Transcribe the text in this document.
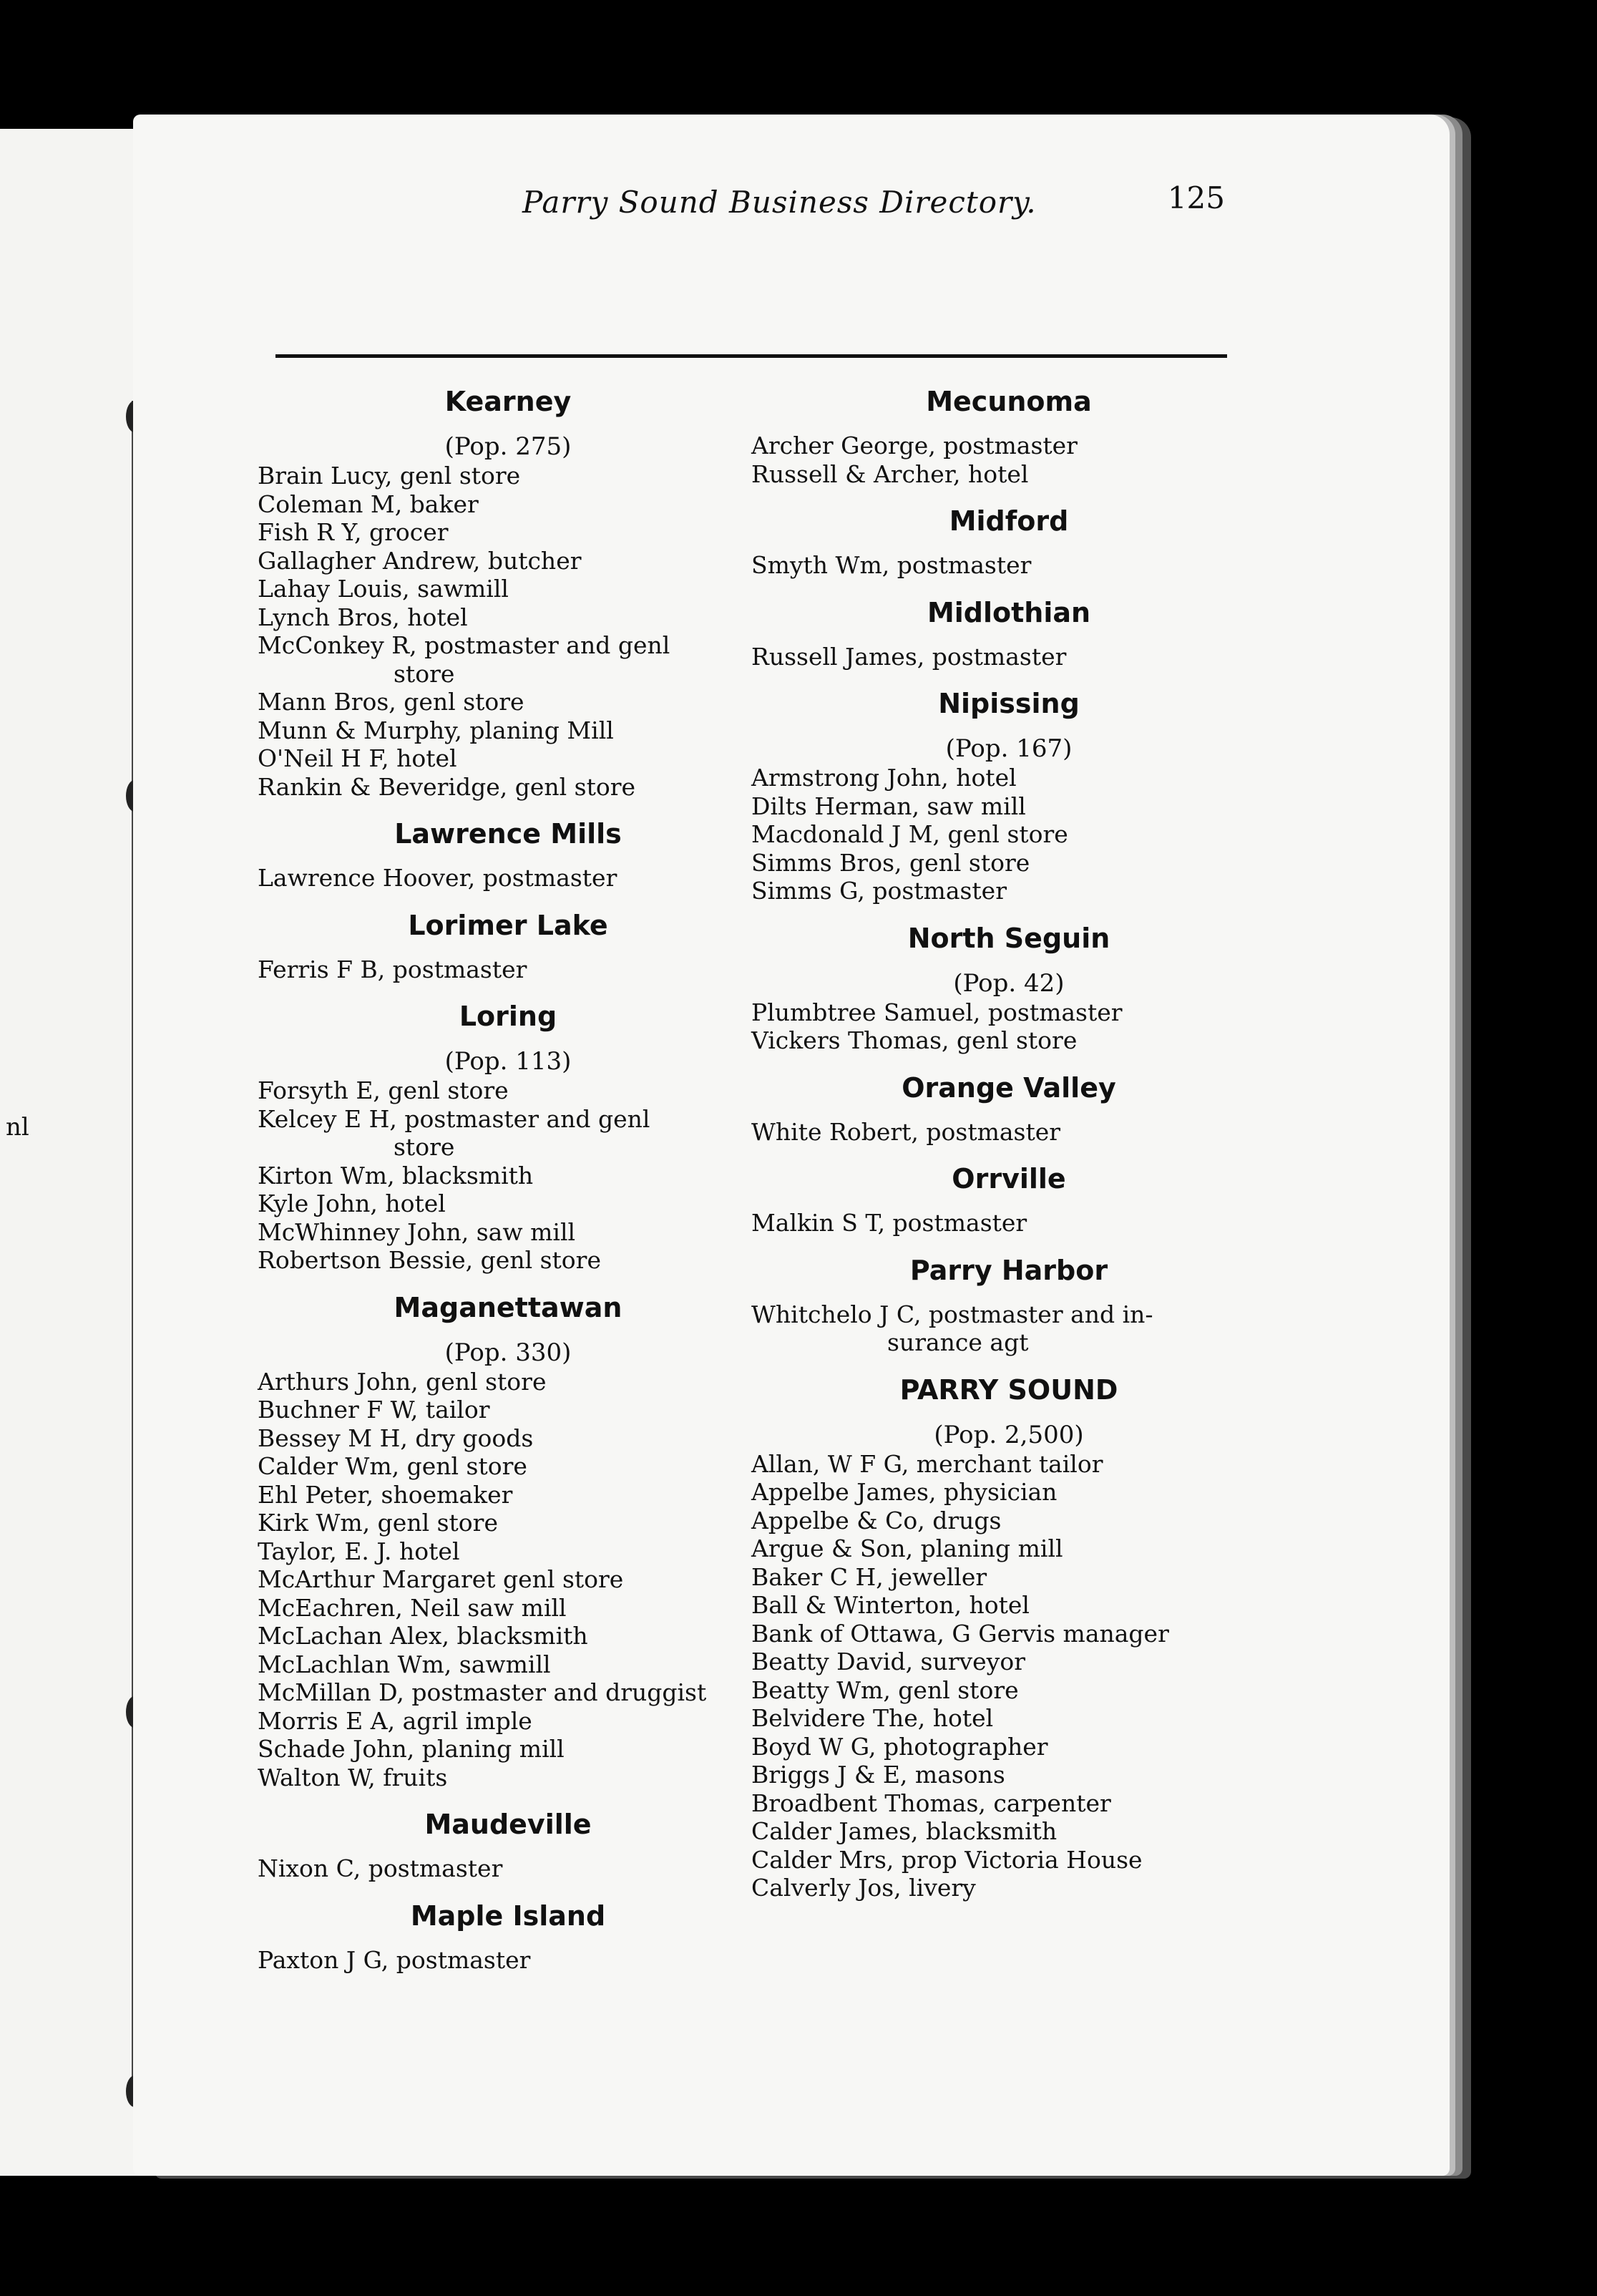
nl
Parry Sound Business Directory.	125
Kearney
(Pop. 275)
Brain Lucy, genl store
Coleman M, baker
Fish R Y, grocer
Gallagher Andrew, butcher
Lahay Louis, sawmill
Lynch Bros, hotel
McConkey R, postmaster and genl
store
Mann Bros, genl store
Munn & Murphy, planing Mill
O'Neil H F, hotel
Rankin & Beveridge, genl store
Lawrence Mills
Lawrence Hoover, postmaster
Lorimer Lake
Ferris F B, postmaster
Loring
(Pop. 113)
Forsyth E, genl store
Kelcey E H, postmaster and genl
store
Kirton Wm, blacksmith
Kyle John, hotel
McWhinney John, saw mill
Robertson Bessie, genl store
Maganettawan
(Pop. 330)
Arthurs John, genl store
Buchner F W, tailor
Bessey M H, dry goods
Calder Wm, genl store
Ehl Peter, shoemaker
Kirk Wm, genl store
Taylor, E. J. hotel
McArthur Margaret genl store
McEachren, Neil saw mill
McLachan Alex, blacksmith
McLachlan Wm, sawmill
McMillan D, postmaster and druggist
Morris E A, agril imple
Schade John, planing mill
Walton W, fruits
Maudeville
Nixon C, postmaster
Maple Island
Paxton J G, postmaster
Mecunoma
Archer George, postmaster
Russell & Archer, hotel
Midford
Smyth Wm, postmaster
Midlothian
Russell James, postmaster
Nipissing
(Pop. 167)
Armstrong John, hotel
Dilts Herman, saw mill
Macdonald J M, genl store
Simms Bros, genl store
Simms G, postmaster
North Seguin
(Pop. 42)
Plumbtree Samuel, postmaster
Vickers Thomas, genl store
Orange Valley
White Robert, postmaster
Orrville
Malkin S T, postmaster
Parry Harbor
Whitchelo J C, postmaster and in-
surance agt
PARRY SOUND
(Pop. 2,500)
Allan, W F G, merchant tailor
Appelbe James, physician
Appelbe & Co, drugs
Argue & Son, planing mill
Baker C H, jeweller
Ball & Winterton, hotel
Bank of Ottawa, G Gervis manager
Beatty David, surveyor
Beatty Wm, genl store
Belvidere The, hotel
Boyd W G, photographer
Briggs J & E, masons
Broadbent Thomas, carpenter
Calder James, blacksmith
Calder Mrs, prop Victoria House
Calverly Jos, livery
